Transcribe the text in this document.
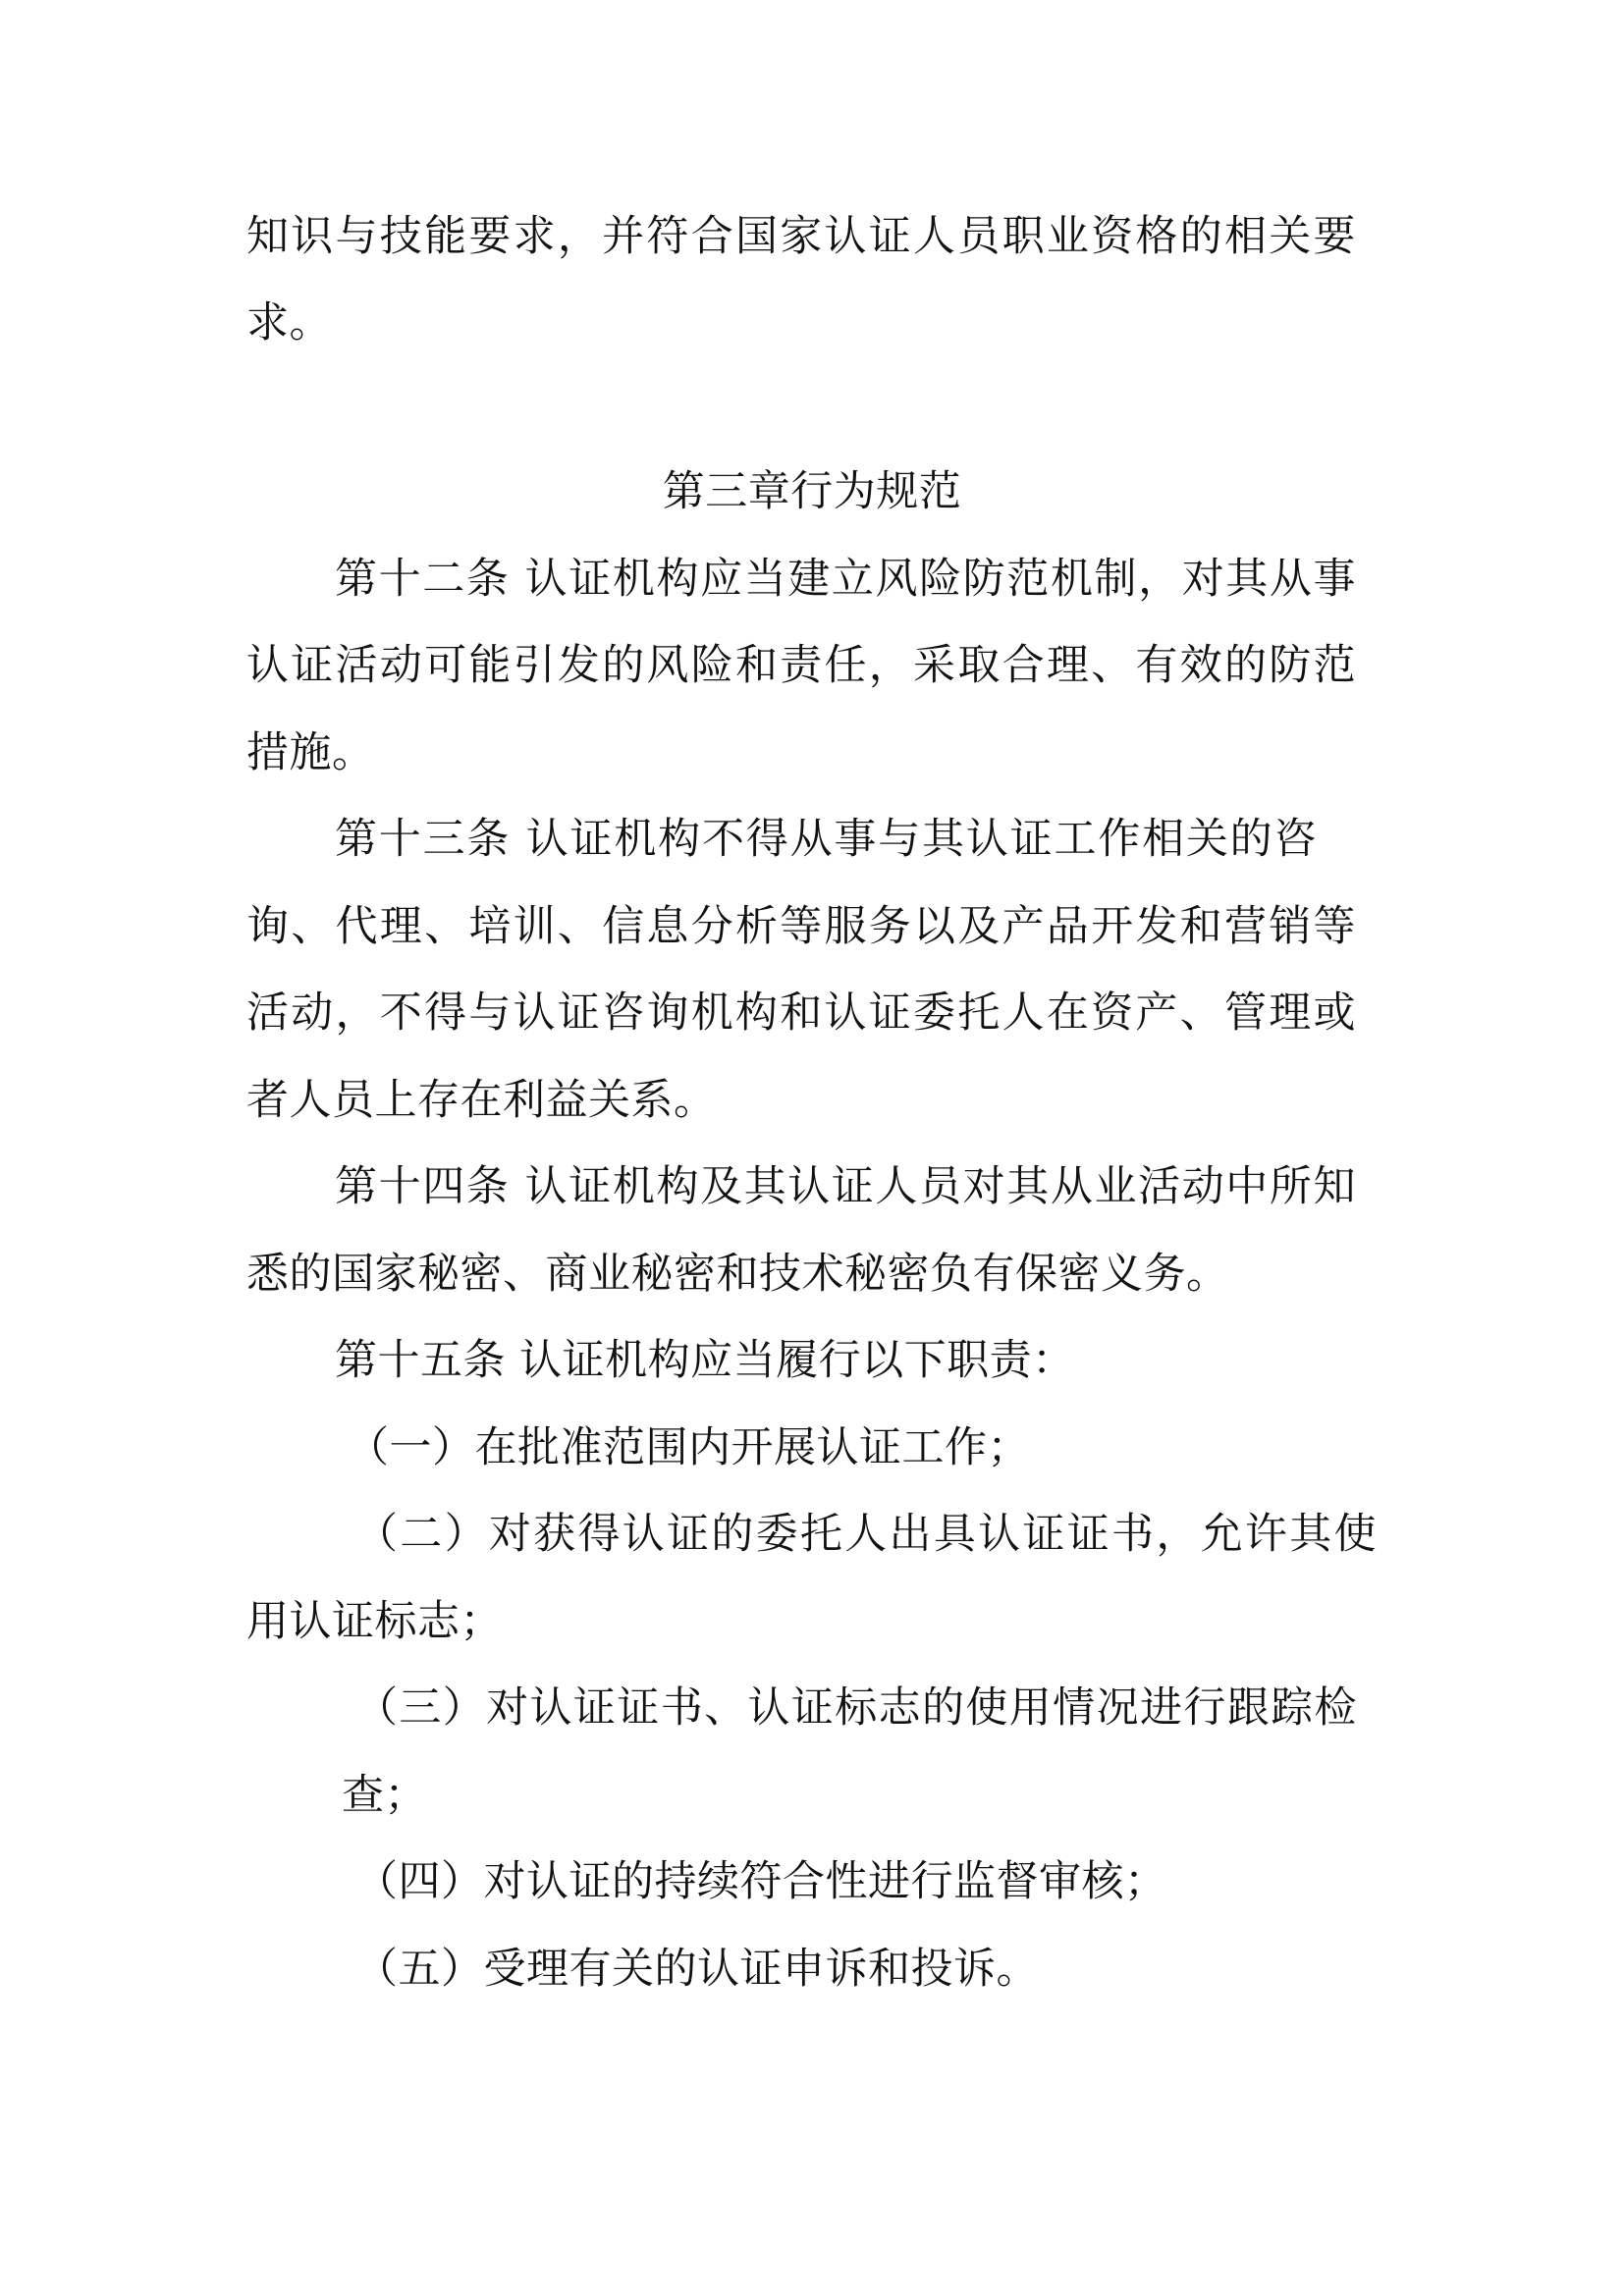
知识与技能要求，并符合国家认证人员职业资格的相关要
求。
第三章行为规范
第十二条 认证机构应当建立风险防范机制，对其从事
认证活动可能引发的风险和责任，采取合理、有效的防范
措施。
第十三条 认证机构不得从事与其认证工作相关的咨
询、代理、培训、信息分析等服务以及产品开发和营销等
活动，不得与认证咨询机构和认证委托人在资产、管理或
者人员上存在利益关系。
第十四条 认证机构及其认证人员对其从业活动中所知
悉的国家秘密、商业秘密和技术秘密负有保密义务。
第十五条 认证机构应当履行以下职责：
（一）在批准范围内开展认证工作；
（二）对获得认证的委托人出具认证证书，允许其使
用认证标志；
（三）对认证证书、认证标志的使用情况进行跟踪检
查；
（四）对认证的持续符合性进行监督审核；
（五）受理有关的认证申诉和投诉。
